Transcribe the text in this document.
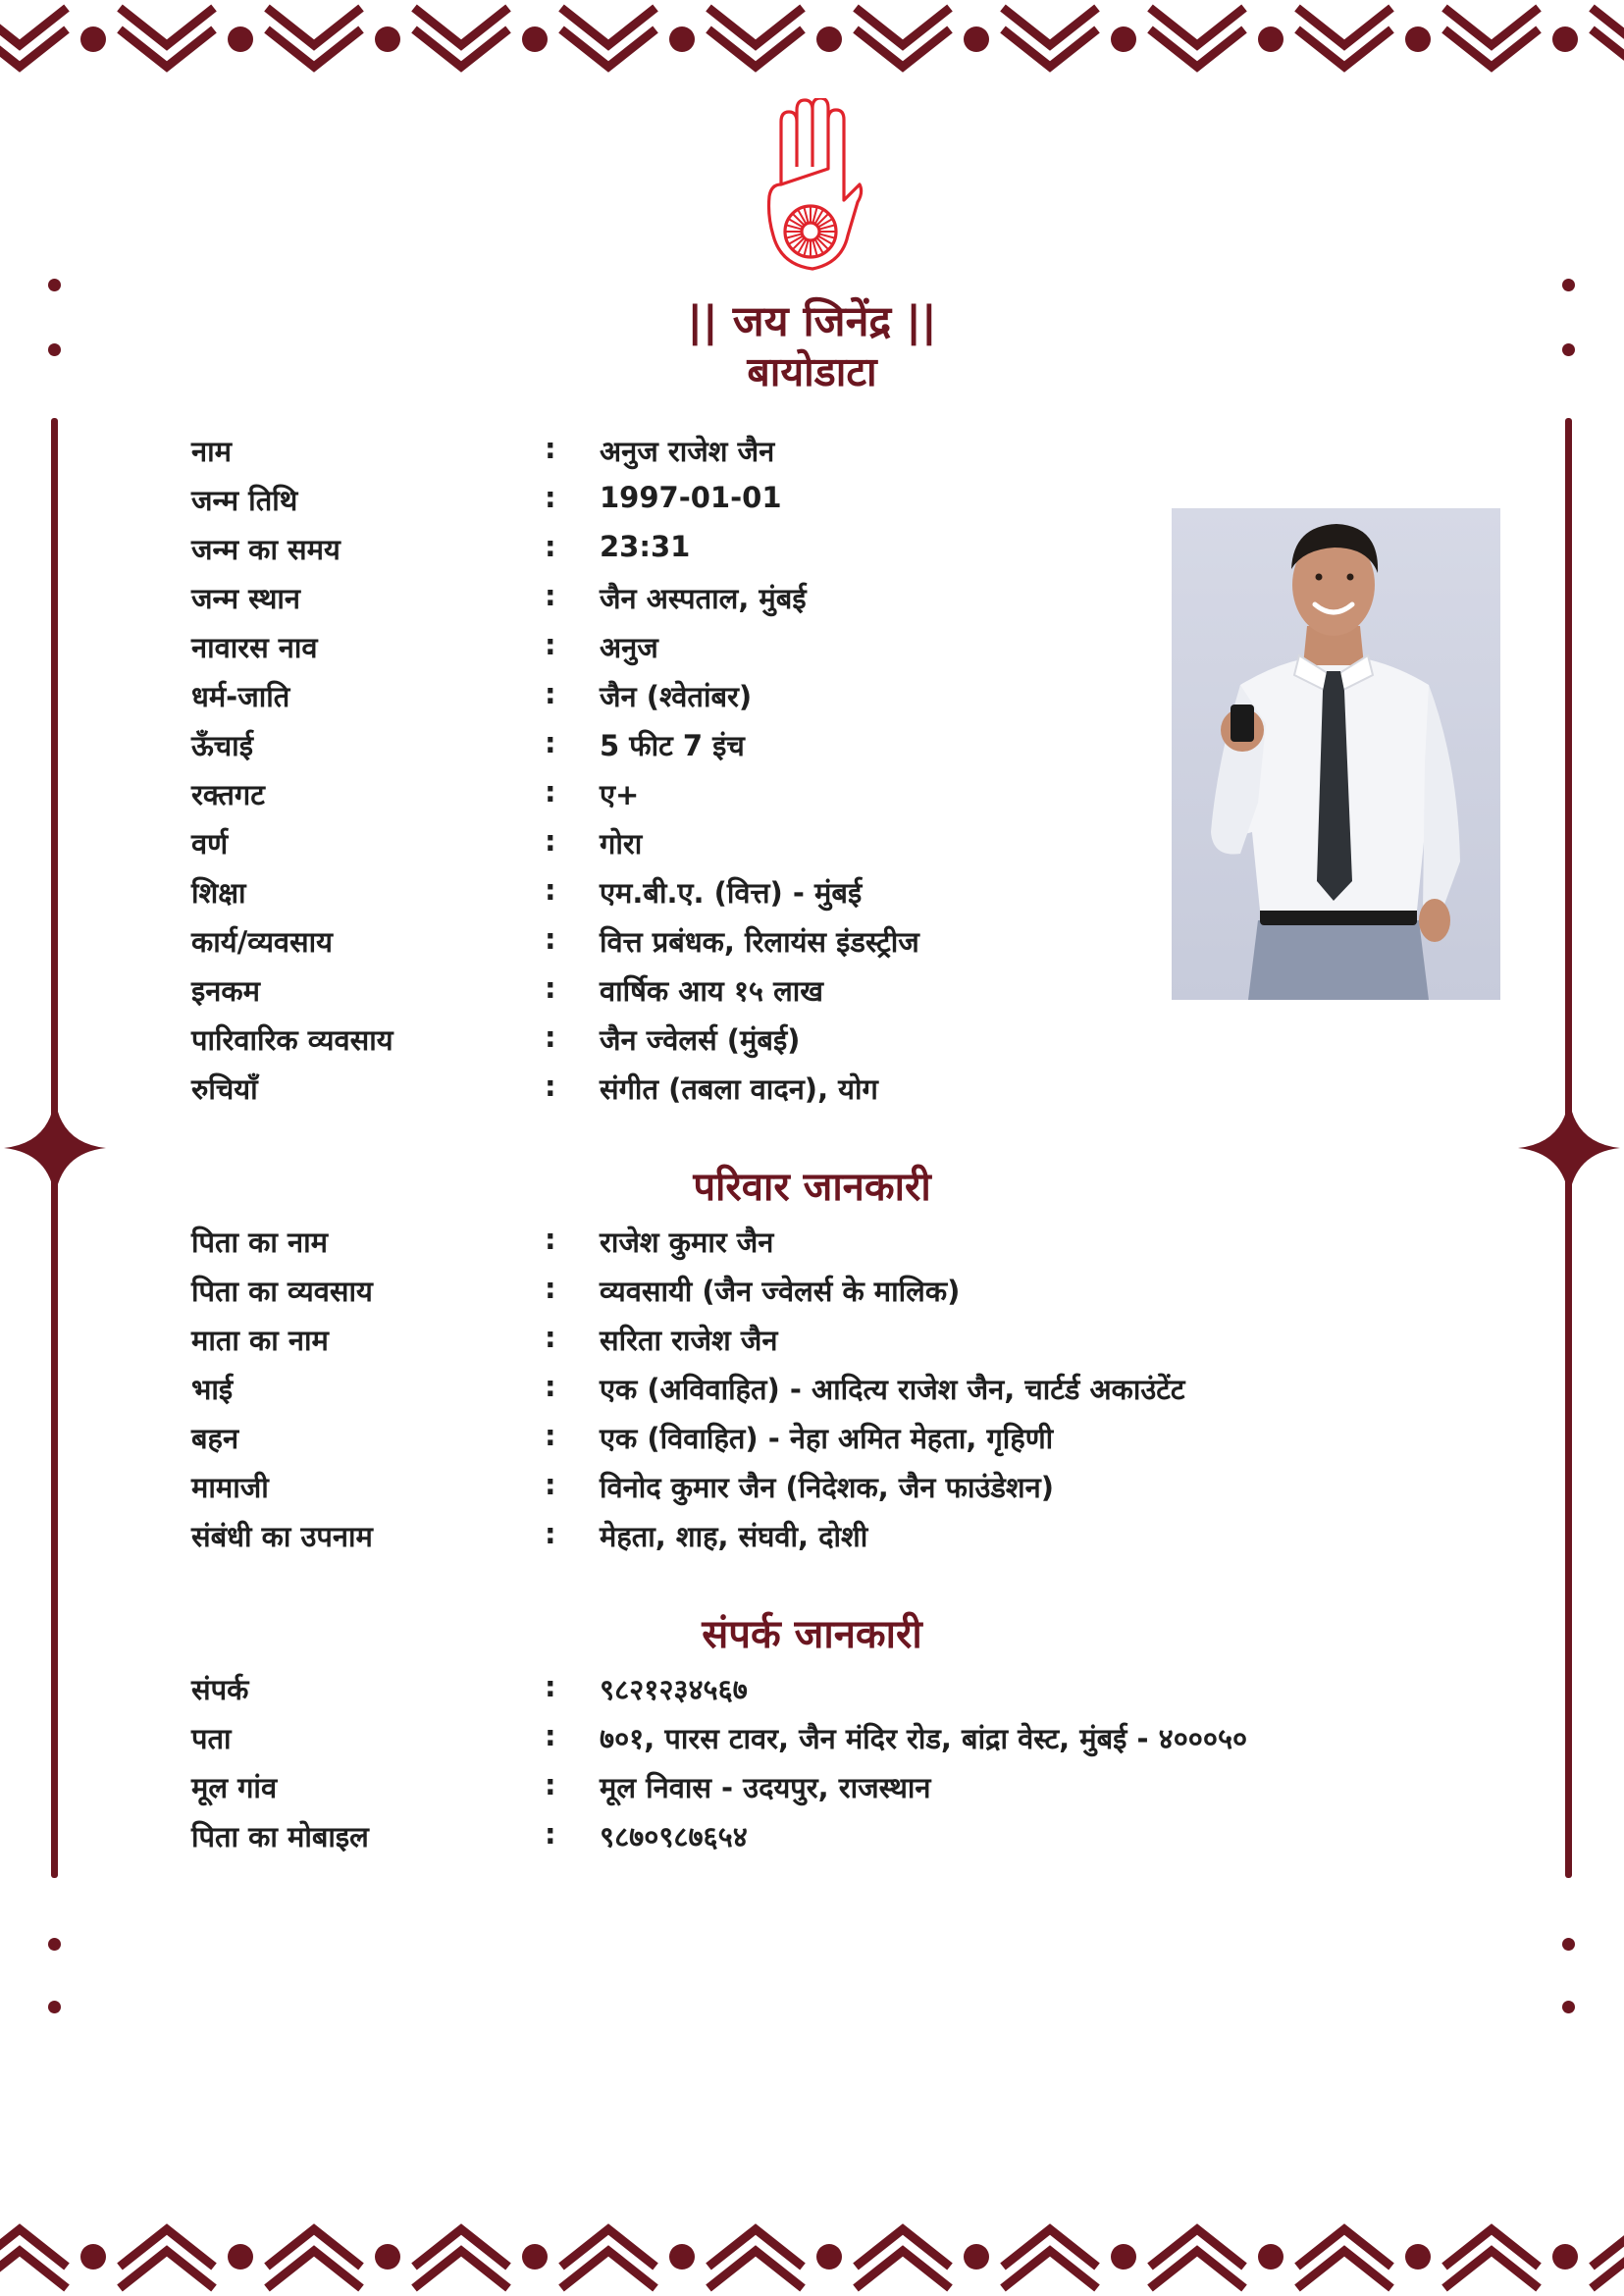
|| जय जिनेंद्र ||
बायोडाटा
नाम	: अनुज राजेश जैन
जन्म तिथि	: 1997-01-01
जन्म का समय	: 23:31
जन्म स्थान	: जैन अस्पताल, मुंबई
नावारस नाव	: अनुज
धर्म-जाति	: जैन (श्वेतांबर)
ऊँचाई	: 5 फीट 7 इंच
रक्तगट	: ए+
वर्ण	: गोरा
शिक्षा	: एम.बी.ए. (वित्त) - मुंबई
कार्य/व्यवसाय	: वित्त प्रबंधक, रिलायंस इंडस्ट्रीज
इनकम	: वार्षिक आय १५ लाख
पारिवारिक व्यवसाय	: जैन ज्वेलर्स (मुंबई)
रुचियाँ	: संगीत (तबला वादन), योग
परिवार जानकारी
पिता का नाम	: राजेश कुमार जैन
पिता का व्यवसाय	: व्यवसायी (जैन ज्वेलर्स के मालिक)
माता का नाम	: सरिता राजेश जैन
भाई	: एक (अविवाहित) - आदित्य राजेश जैन, चार्टर्ड अकाउंटेंट
बहन	: एक (विवाहित) - नेहा अमित मेहता, गृहिणी
मामाजी	: विनोद कुमार जैन (निदेशक, जैन फाउंडेशन)
संबंधी का उपनाम	: मेहता, शाह, संघवी, दोशी
संपर्क जानकारी
संपर्क	: ९८२१२३४५६७
पता	: ७०१, पारस टावर, जैन मंदिर रोड, बांद्रा वेस्ट, मुंबई - ४०००५०
मूल गांव	: मूल निवास - उदयपुर, राजस्थान
पिता का मोबाइल	: ९८७०९८७६५४
